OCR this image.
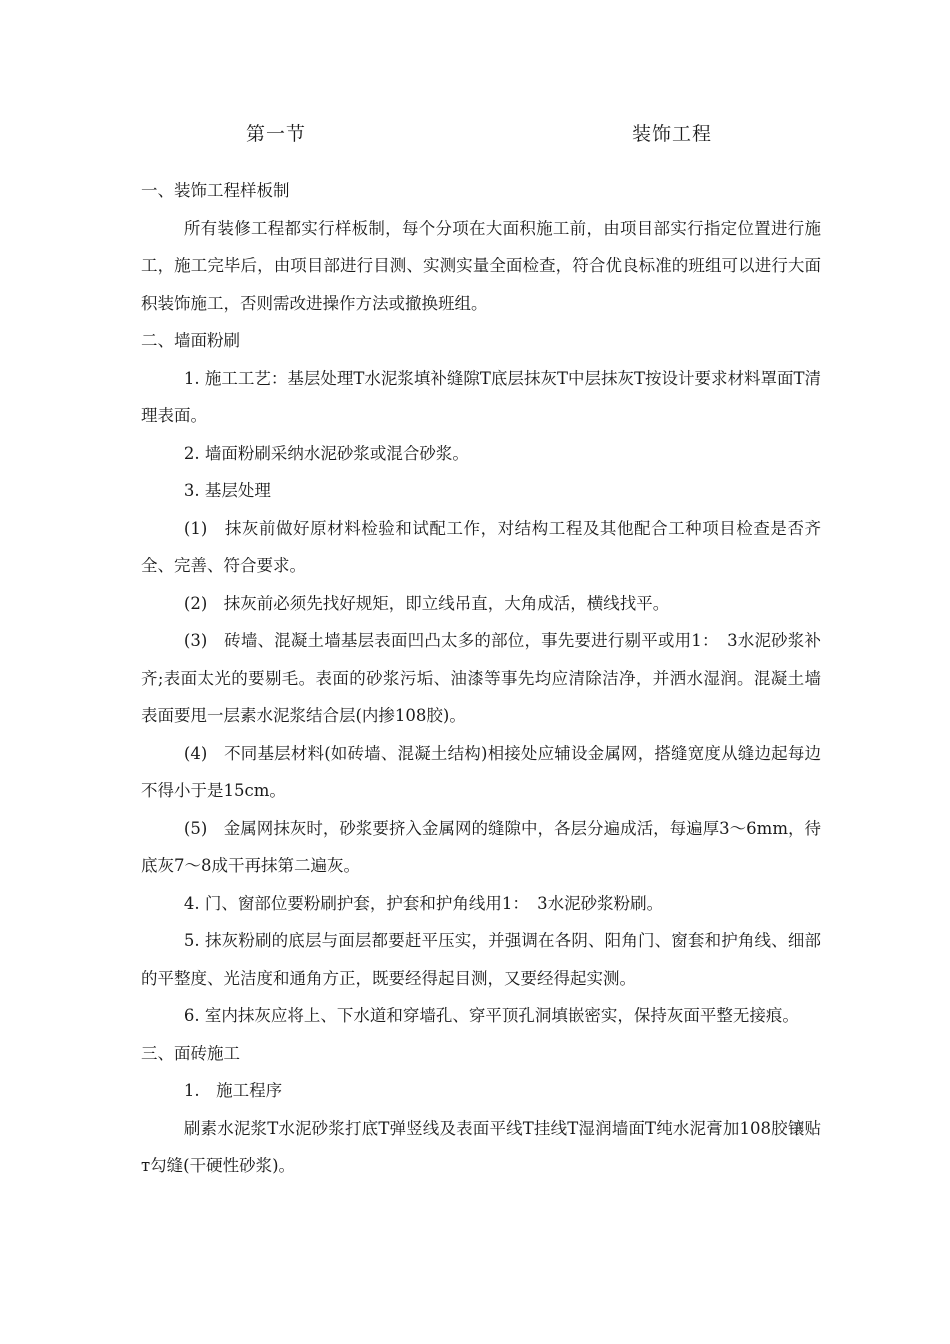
第一节	装饰工程

一、装饰工程样板制

所有装修工程都实行样板制，每个分项在大面积施工前，由项目部实行指定位置进行施工，施工完毕后，由项目部进行目测、实测实量全面检查，符合优良标准的班组可以进行大面积装饰施工，否则需改进操作方法或撤换班组。

二、墙面粉刷

1. 施工工艺：基层处理T水泥浆填补缝隙T底层抹灰T中层抹灰T按设计要求材料罩面T清理表面。

2. 墙面粉刷采纳水泥砂浆或混合砂浆。

3. 基层处理

(1)　抹灰前做好原材料检验和试配工作，对结构工程及其他配合工种项目检查是否齐全、完善、符合要求。

(2)　抹灰前必须先找好规矩，即立线吊直，大角成活，横线找平。

(3)　砖墙、混凝土墙基层表面凹凸太多的部位，事先要进行剔平或用1：　3水泥砂浆补齐;表面太光的要剔毛。表面的砂浆污垢、油漆等事先均应清除洁净，并洒水湿润。混凝土墙表面要甩一层素水泥浆结合层(内掺108胶)。

(4)　不同基层材料(如砖墙、混凝土结构)相接处应辅设金属网，搭缝宽度从缝边起每边不得小于是15cm。

(5)　金属网抹灰时，砂浆要挤入金属网的缝隙中，各层分遍成活，每遍厚3〜6mm，待底灰7〜8成干再抹第二遍灰。

4. 门、窗部位要粉刷护套，护套和护角线用1：　3水泥砂浆粉刷。

5. 抹灰粉刷的底层与面层都要赶平压实，并强调在各阴、阳角门、窗套和护角线、细部的平整度、光洁度和通角方正，既要经得起目测，又要经得起实测。

6. 室内抹灰应将上、下水道和穿墙孔、穿平顶孔洞填嵌密实，保持灰面平整无接痕。

三、面砖施工

1.　施工程序

刷素水泥浆T水泥砂浆打底T弹竖线及表面平线T挂线T湿润墙面T纯水泥膏加108胶镶贴ᴛ勾缝(干硬性砂浆)。
